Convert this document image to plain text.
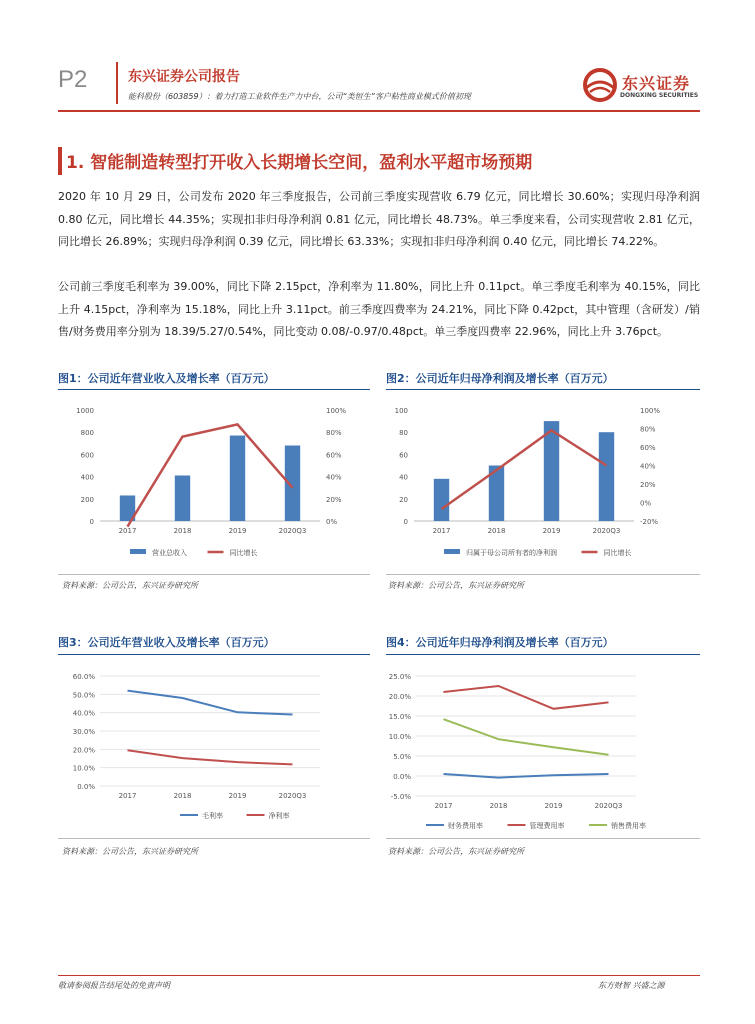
P2	东兴证券公司报告
能科股份（603859）：着力打造工业软件生产力中台，公司“类恒生”客户粘性商业模式价值初现
东兴证券
DONGXING SECURITIES
1. 智能制造转型打开收入长期增长空间，盈利水平超市场预期
2020 年 10 月 29 日，公司发布 2020 年三季度报告，公司前三季度实现营收 6.79 亿元，同比增长 30.60%；实现归母净利润 0.80 亿元，同比增长 44.35%；实现扣非归母净利润 0.81 亿元，同比增长 48.73%。单三季度来看，公司实现营收 2.81 亿元，同比增长 26.89%；实现归母净利润 0.39 亿元，同比增长 63.33%；实现扣非归母净利润 0.40 亿元，同比增长 74.22%。
公司前三季度毛利率为 39.00%，同比下降 2.15pct，净利率为 11.80%，同比上升 0.11pct。单三季度毛利率为 40.15%，同比上升 4.15pct，净利率为 15.18%，同比上升 3.11pct。前三季度四费率为 24.21%，同比下降 0.42pct，其中管理（含研发）/销售/财务费用率分别为 18.39/5.27/0.54%，同比变动 0.08/-0.97/0.48pct。单三季度四费率 22.96%，同比上升 3.76pct。
图1：公司近年营业收入及增长率（百万元）
0
200
400
600
800
1000
0%
20%
40%
60%
80%
100%
2017	2018	2019	2020Q3
营业总收入	同比增长
资料来源：公司公告，东兴证券研究所
图2：公司近年归母净利润及增长率（百万元）
0
20
40
60
80
100
-20%
0%
20%
40%
60%
80%
100%
2017	2018	2019	2020Q3
归属于母公司所有者的净利润	同比增长
资料来源：公司公告，东兴证券研究所
图3：公司近年营业收入及增长率（百万元）
0.0%
10.0%
20.0%
30.0%
40.0%
50.0%
60.0%
2017	2018	2019	2020Q3
毛利率	净利率
资料来源：公司公告，东兴证券研究所
图4：公司近年归母净利润及增长率（百万元）
-5.0%
0.0%
5.0%
10.0%
15.0%
20.0%
25.0%
2017	2018	2019	2020Q3
财务费用率	管理费用率	销售费用率
资料来源：公司公告，东兴证券研究所
敬请参阅报告结尾处的免责声明	东方财智 兴盛之源
